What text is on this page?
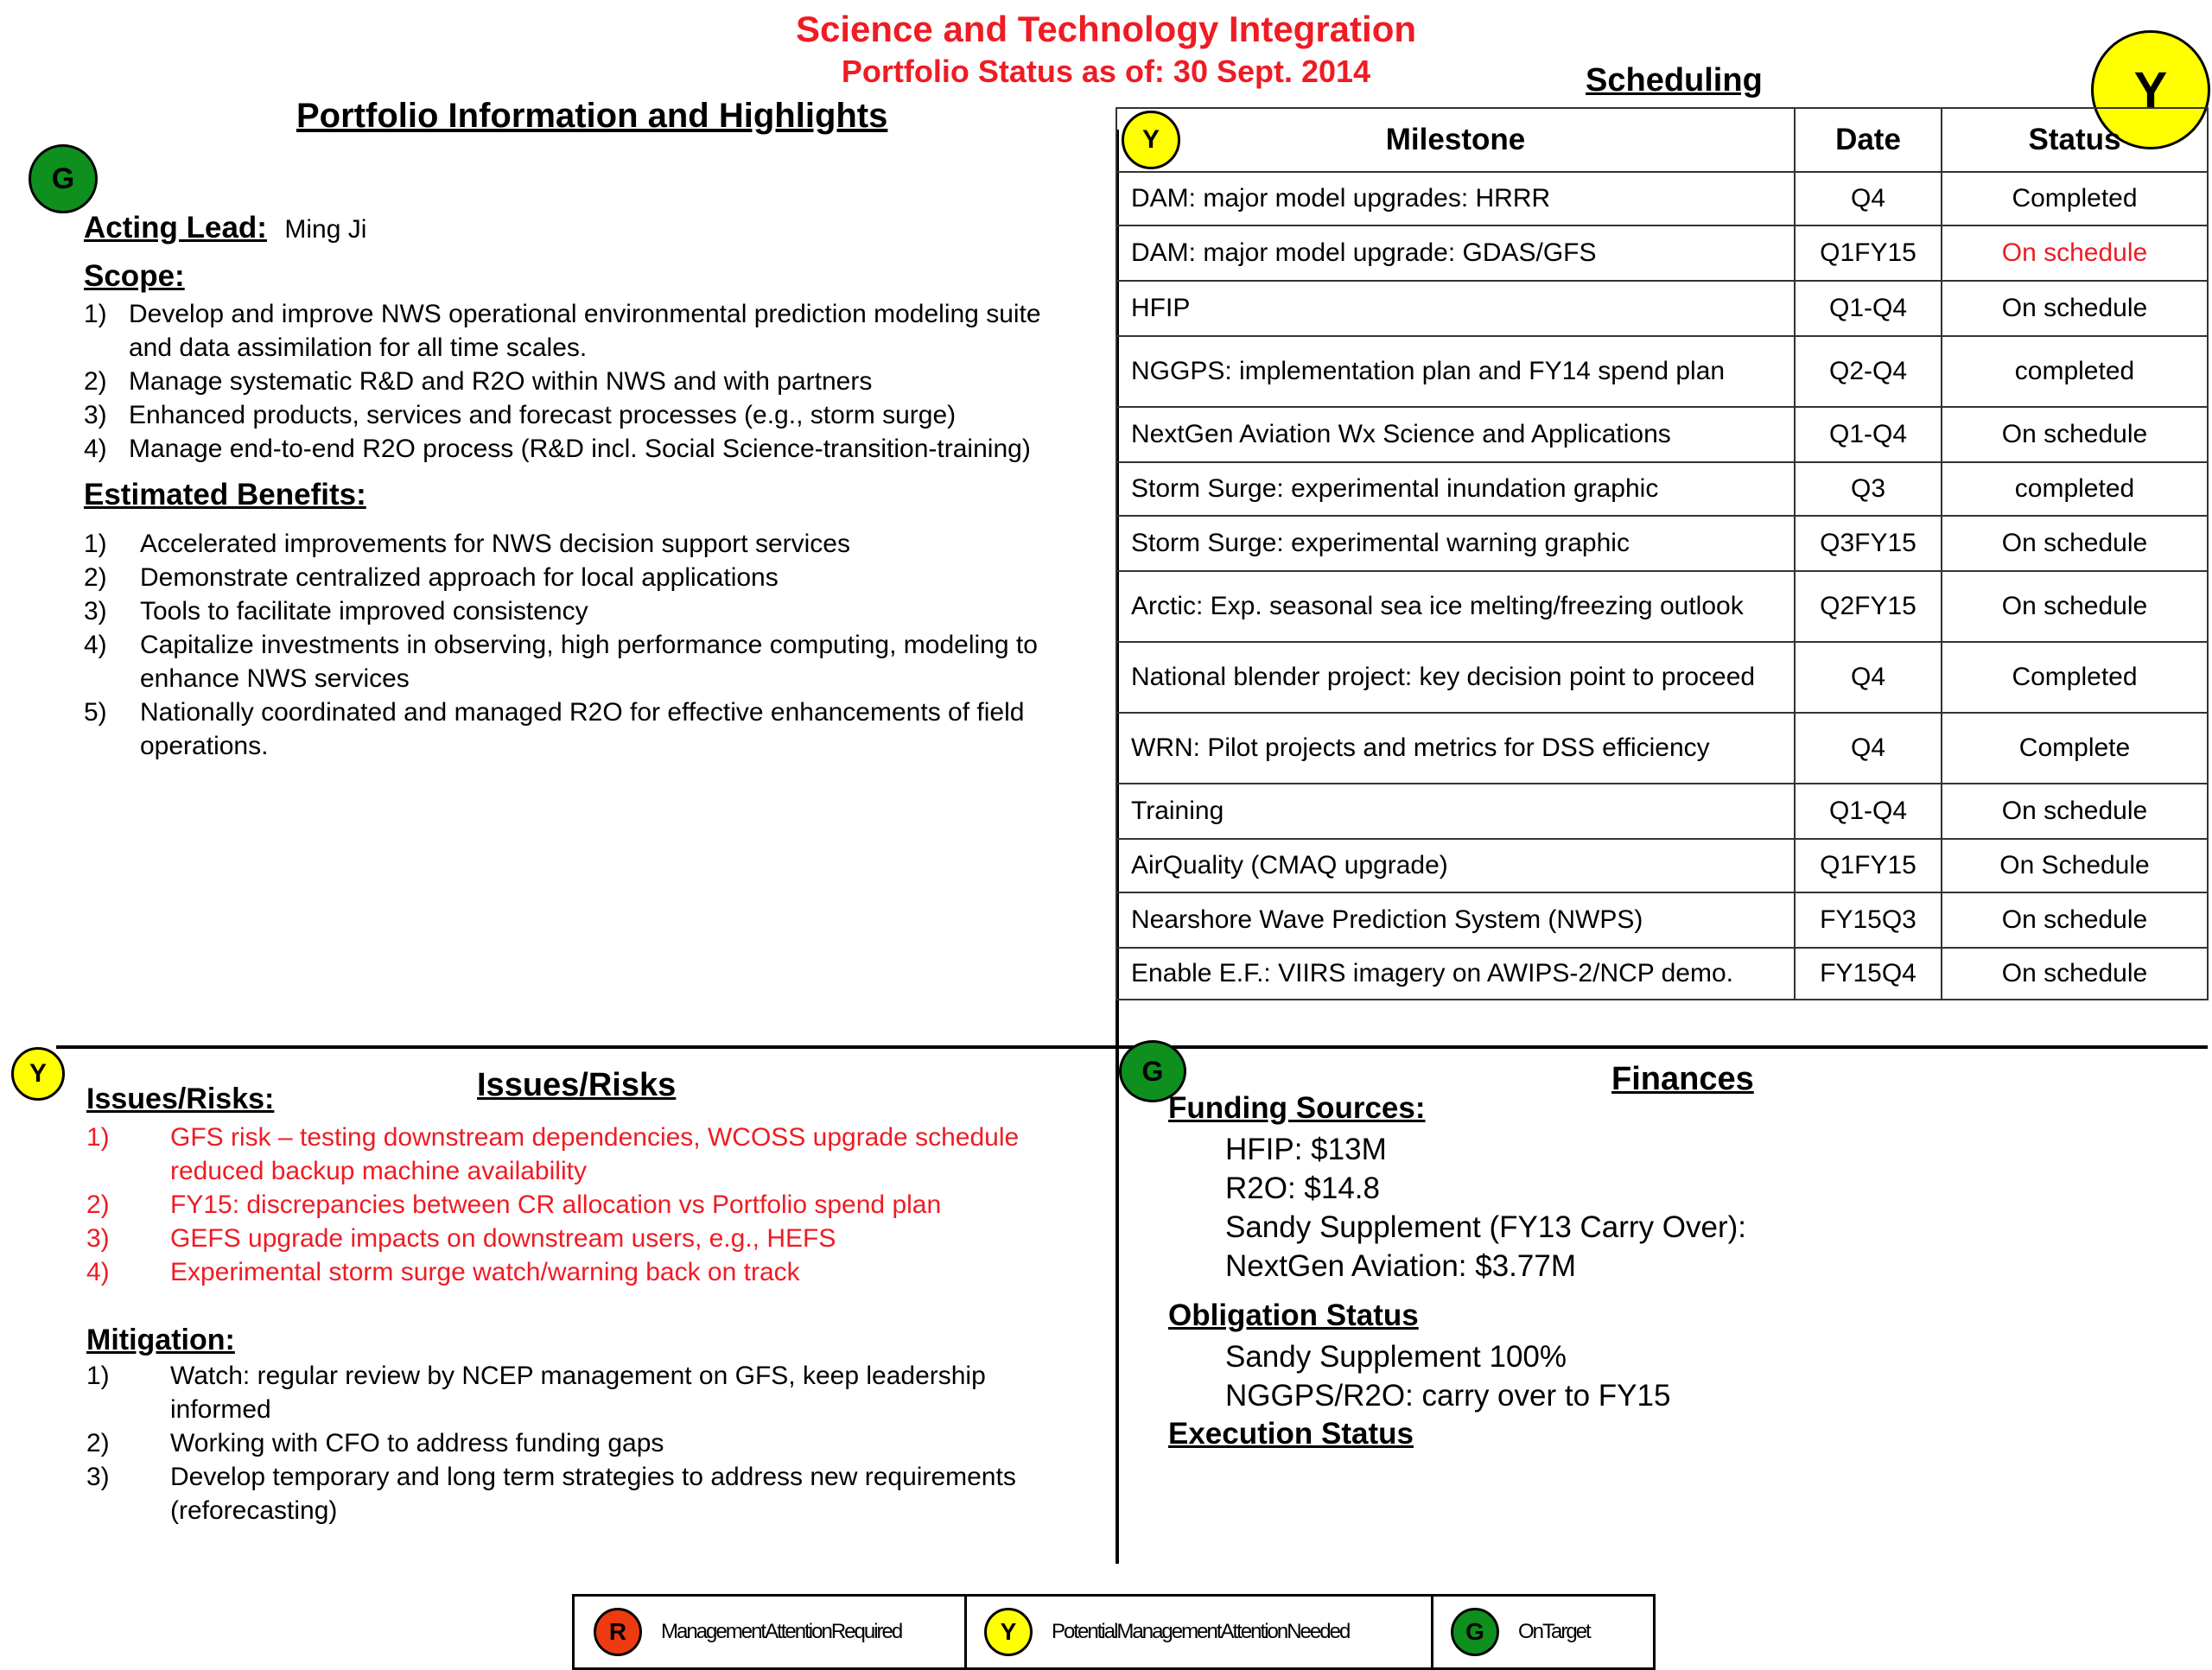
Science and Technology Integration
Portfolio Status as of: 30 Sept. 2014	Y
Portfolio Information and Highlights
G
Acting Lead: Ming Ji
Scope:
1) Develop and improve NWS operational environmental prediction modeling suite and data assimilation for all time scales.
2) Manage systematic R&D and R2O within NWS and with partners
3) Enhanced products, services and forecast processes (e.g., storm surge)
4) Manage end-to-end R2O process (R&D incl. Social Science-transition-training)
Estimated Benefits:
1)	Accelerated improvements for NWS decision support services
2)	Demonstrate centralized approach for local applications
3)	Tools to facilitate improved consistency
4)	Capitalize investments in observing, high performance computing, modeling to enhance NWS services
5)	Nationally coordinated and managed R2O for effective enhancements of field operations.
Scheduling
Milestone	Date	Status
DAM: major model upgrades: HRRR	Q4	Completed
DAM: major model upgrade: GDAS/GFS	Q1FY15	On schedule
HFIP	Q1-Q4	On schedule
NGGPS: implementation plan and FY14 spend plan	Q2-Q4	completed
NextGen Aviation Wx Science and Applications	Q1-Q4	On schedule
Storm Surge: experimental inundation graphic	Q3	completed
Storm Surge: experimental warning graphic	Q3FY15	On schedule
Arctic: Exp. seasonal sea ice melting/freezing outlook	Q2FY15	On schedule
National blender project: key decision point to proceed	Q4	Completed
WRN: Pilot projects and metrics for DSS efficiency	Q4	Complete
Training	Q1-Q4	On schedule
AirQuality (CMAQ upgrade)	Q1FY15	On Schedule
Nearshore Wave Prediction System (NWPS)	FY15Q3	On schedule
Enable E.F.: VIIRS imagery on AWIPS-2/NCP demo.	FY15Q4	On schedule
Y
Y	Issues/Risks
Issues/Risks:
1)	GFS risk – testing downstream dependencies, WCOSS upgrade schedule reduced backup machine availability
2)	FY15: discrepancies between CR allocation vs Portfolio spend plan
3)	GEFS upgrade impacts on downstream users, e.g., HEFS
4)	Experimental storm surge watch/warning back on track
Mitigation:
1)	Watch: regular review by NCEP management on GFS, keep leadership informed
2)	Working with CFO to address funding gaps
3)	Develop temporary and long term strategies to address new requirements (reforecasting)
G	Finances
Funding Sources:
HFIP: $13M
R2O: $14.8
Sandy Supplement (FY13 Carry Over):
NextGen Aviation: $3.77M
Obligation Status
Sandy Supplement 100%
NGGPS/R2O: carry over to FY15
Execution Status
R	ManagementAttentionRequired	Y	PotentialManagementAttentionNeeded	G	OnTarget
